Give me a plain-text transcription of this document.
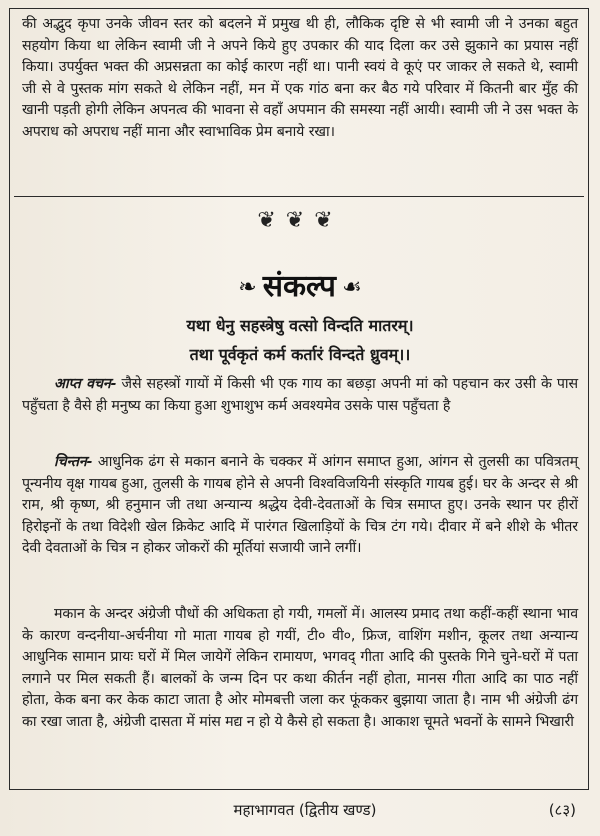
की अद्भुद कृपा उनके जीवन स्तर को बदलने में प्रमुख थी ही, लौकिक दृष्टि से भी स्वामी जी ने उनका बहुत सहयोग किया था लेकिन स्वामी जी ने अपने किये हुए उपकार की याद दिला कर उसे झुकाने का प्रयास नहीं किया। उपर्युक्त भक्त की अप्रसन्नता का कोई कारण नहीं था। पानी स्वयं वे कूएं पर जाकर ले सकते थे, स्वामी जी से वे पुस्तक मांग सकते थे लेकिन नहीं, मन में एक गांठ बना कर बैठ गये परिवार में कितनी बार मुँह की खानी पड़ती होगी लेकिन अपनत्व की भावना से वहाँ अपमान की समस्या नहीं आयी। स्वामी जी ने उस भक्त के अपराध को अपराध नहीं माना और स्वाभाविक प्रेम बनाये रखा।

❦❦❦
❧ संकल्प ☙
यथा धेनु सहस्त्रेषु वत्सो विन्दति मातरम्।
तथा पूर्वकृतं कर्म कर्तारं विन्दते ध्रुवम्।।

आप्त वचन- जैसे सहस्त्रों गायों में किसी भी एक गाय का बछड़ा अपनी मां को पहचान कर उसी के पास पहुँचता है वैसे ही मनुष्य का किया हुआ शुभाशुभ कर्म अवश्यमेव उसके पास पहुँचता है

चिन्तन- आधुनिक ढंग से मकान बनाने के चक्कर में आंगन समाप्त हुआ, आंगन से तुलसी का पवित्रतम् पून्यनीय वृक्ष गायब हुआ, तुलसी के गायब होने से अपनी विश्वविजयिनी संस्कृति गायब हुई। घर के अन्दर से श्री राम, श्री कृष्ण, श्री हनुमान जी तथा अन्यान्य श्रद्धेय देवी-देवताओं के चित्र समाप्त हुए। उनके स्थान पर हीरों हिरोइनों के तथा विदेशी खेल क्रिकेट आदि में पारंगत खिलाड़ियों के चित्र टंग गये। दीवार में बने शीशे के भीतर देवी देवताओं के चित्र न होकर जोकरों की मूर्तियां सजायी जाने लगीं।

मकान के अन्दर अंग्रेजी पौधों की अधिकता हो गयी, गमलों में। आलस्य प्रमाद तथा कहीं-कहीं स्थाना भाव के कारण वन्दनीया-अर्चनीया गो माता गायब हो गयीं, टी० वी०, फ्रिज, वाशिंग मशीन, कूलर तथा अन्यान्य आधुनिक सामान प्रायः घरों में मिल जायेगें लेकिन रामायण, भगवद् गीता आदि की पुस्तके गिने चुने-घरों में पता लगाने पर मिल सकती हैं। बालकों के जन्म दिन पर कथा कीर्तन नहीं होता, मानस गीता आदि का पाठ नहीं होता, केक बना कर केक काटा जाता है ओर मोमबत्ती जला कर फूंककर बुझाया जाता है। नाम भी अंग्रेजी ढंग का रखा जाता है, अंग्रेजी दासता में मांस मद्य न हो ये कैसे हो सकता है। आकाश चूमते भवनों के सामने भिखारी

महाभागवत (द्वितीय खण्ड)	(८३)
